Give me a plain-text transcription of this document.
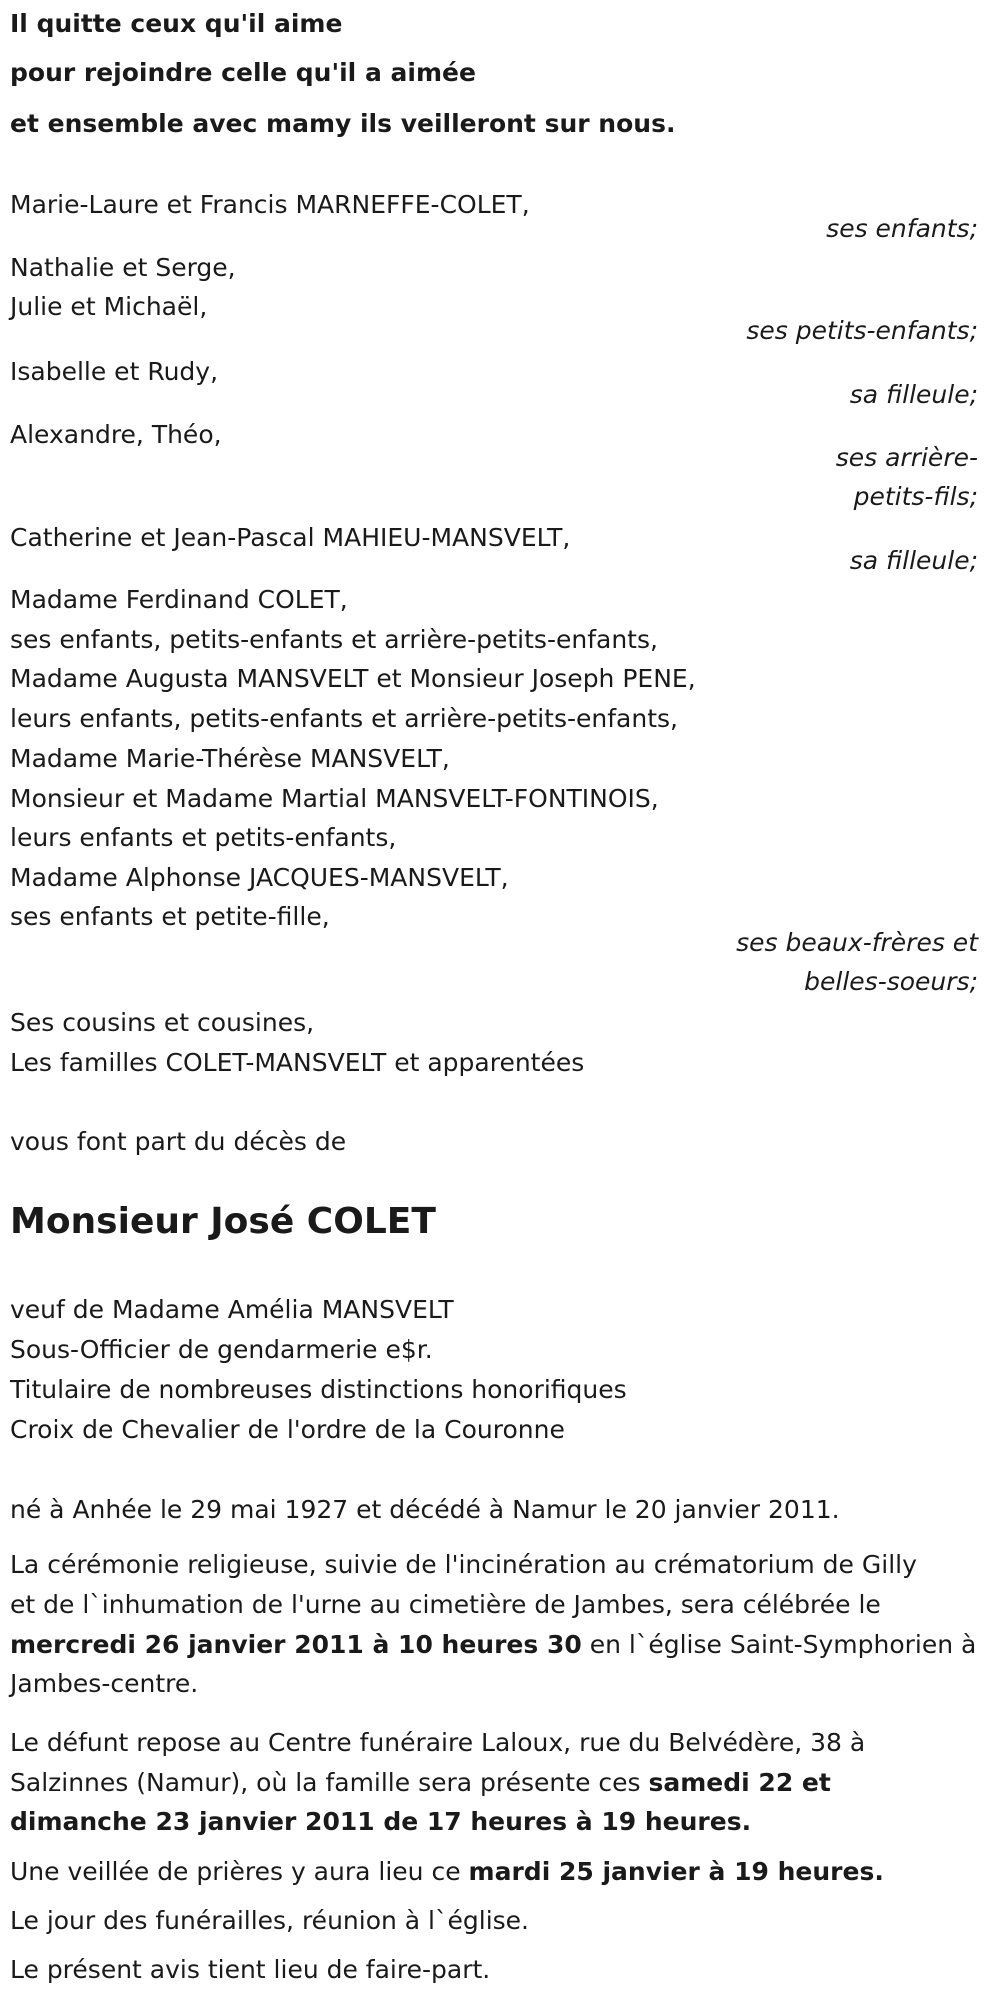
Il quitte ceux qu'il aime
pour rejoindre celle qu'il a aimée
et ensemble avec mamy ils veilleront sur nous.
Marie-Laure et Francis MARNEFFE-COLET,
ses enfants;
Nathalie et Serge,
Julie et Michaël,
ses petits-enfants;
Isabelle et Rudy,
sa filleule;
Alexandre, Théo,
ses arrière-
petits-fils;
Catherine et Jean-Pascal MAHIEU-MANSVELT,
sa filleule;
Madame Ferdinand COLET,
ses enfants, petits-enfants et arrière-petits-enfants,
Madame Augusta MANSVELT et Monsieur Joseph PENE,
leurs enfants, petits-enfants et arrière-petits-enfants,
Madame Marie-Thérèse MANSVELT,
Monsieur et Madame Martial MANSVELT-FONTINOIS,
leurs enfants et petits-enfants,
Madame Alphonse JACQUES-MANSVELT,
ses enfants et petite-fille,
ses beaux-frères et
belles-soeurs;
Ses cousins et cousines,
Les familles COLET-MANSVELT et apparentées
vous font part du décès de
Monsieur José COLET
veuf de Madame Amélia MANSVELT
Sous-Officier de gendarmerie e$r.
Titulaire de nombreuses distinctions honorifiques
Croix de Chevalier de l'ordre de la Couronne
né à Anhée le 29 mai 1927 et décédé à Namur le 20 janvier 2011.
La cérémonie religieuse, suivie de l'incinération au crématorium de Gilly
et de l`inhumation de l'urne au cimetière de Jambes, sera célébrée le
mercredi 26 janvier 2011 à 10 heures 30 en l`église Saint-Symphorien à
Jambes-centre.
Le défunt repose au Centre funéraire Laloux, rue du Belvédère, 38 à
Salzinnes (Namur), où la famille sera présente ces samedi 22 et
dimanche 23 janvier 2011 de 17 heures à 19 heures.
Une veillée de prières y aura lieu ce mardi 25 janvier à 19 heures.
Le jour des funérailles, réunion à l`église.
Le présent avis tient lieu de faire-part.
